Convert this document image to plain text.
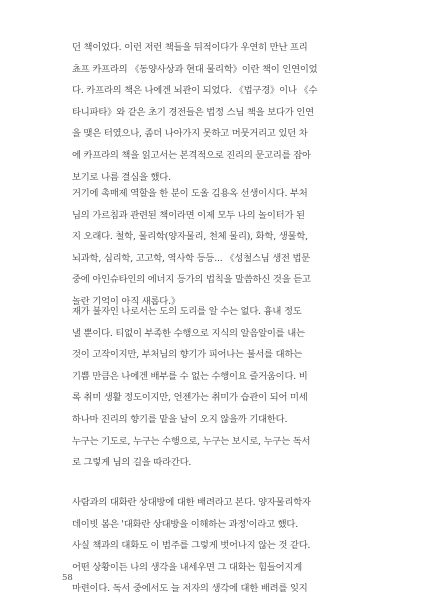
던 책이었다. 이런 저런 책들을 뒤적이다가 우연히 만난 프리
쵸프 카프라의 《동양사상과 현대 물리학》이란 책이 인연이었
다. 카프라의 책은 나에겐 뇌관이 되었다. 《법구경》이나 《수
타니파타》와 같은 초기 경전들은 법정 스님 책을 보다가 인연
을 맺은 터였으나, 좀더 나아가지 못하고 머뭇거리고 있던 차
에 카프라의 책을 읽고서는 본격적으로 진리의 문고리를 잡아
보기로 나름 결심을 했다.
거기에 촉매제 역할을 한 분이 도올 김용옥 선생이시다. 부처
님의 가르침과 관련된 책이라면 이제 모두 나의 놀이터가 된
지 오래다. 철학, 물리학(양자물리, 천체 물리), 화학, 생물학,
뇌과학, 심리학, 고고학, 역사학 등등... 《성철스님 생전 법문
중에 아인슈타인의 에너지 등가의 법칙을 말씀하신 것을 듣고
놀란 기억이 아직 새롭다.》
재가 불자인 나로서는 도의 도리를 알 수는 없다. 흉내 정도
낼 뿐이다. 티없이 부족한 수행으로 지식의 알음알이를 내는
것이 고작이지만, 부처님의 향기가 피어나는 불서를 대하는
기쁨 만큼은 나에겐 배부를 수 없는 수행이요 즐거움이다. 비
록 취미 생활 정도이지만, 언젠가는 취미가 습관이 되어 미세
하나마 진리의 향기를 맡을 날이 오지 않을까 기대한다.
누구는 기도로, 누구는 수행으로, 누구는 보시로, 누구는 독서
로 그렇게 님의 길을 따라간다.
사람과의 대화란 상대방에 대한 배려라고 본다. 양자물리학자
데이빗 봄은 '대화란 상대방을 이해하는 과정'이라고 했다.
사실 책과의 대화도 이 범주를 그렇게 벗어나지 않는 것 같다.
어떤 상황이든 나의 생각을 내세우면 그 대화는 힘들어지게
마련이다. 독서 중에서도 늘 저자의 생각에 대한 배려를 잊지
58
